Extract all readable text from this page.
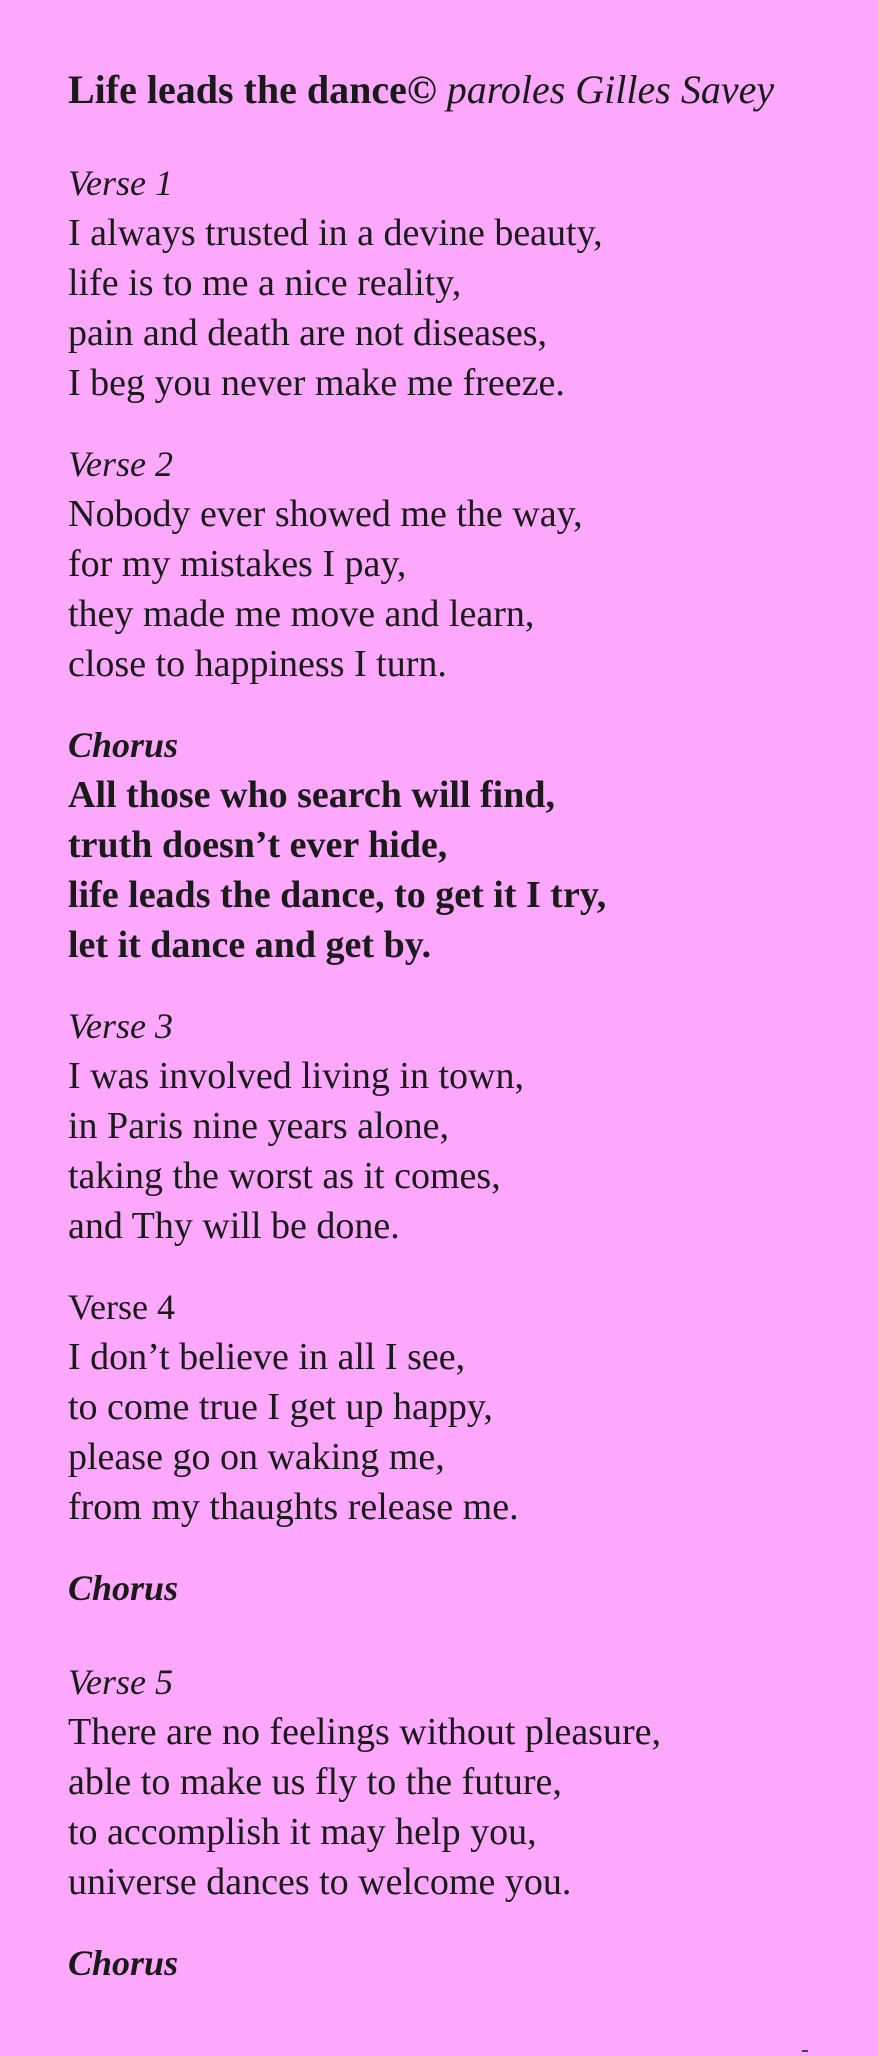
Life leads the dance© paroles Gilles Savey
Verse 1
I always trusted in a devine beauty,
life is to me a nice reality,
pain and death are not diseases,
I beg you never make me freeze.
Verse 2
Nobody ever showed me the way,
for my mistakes I pay,
they made me move and learn,
close to happiness I turn.
Chorus
All those who search will find,
truth doesn’t ever hide,
life leads the dance, to get it I try,
let it dance and get by.
Verse 3
I was involved living in town,
in Paris nine years alone,
taking the worst as it comes,
and Thy will be done.
Verse 4
I don’t believe in all I see,
to come true I get up happy,
please go on waking me,
from my thaughts release me.
Chorus
Verse 5
There are no feelings without pleasure,
able to make us fly to the future,
to accomplish it may help you,
universe dances to welcome you.
Chorus
